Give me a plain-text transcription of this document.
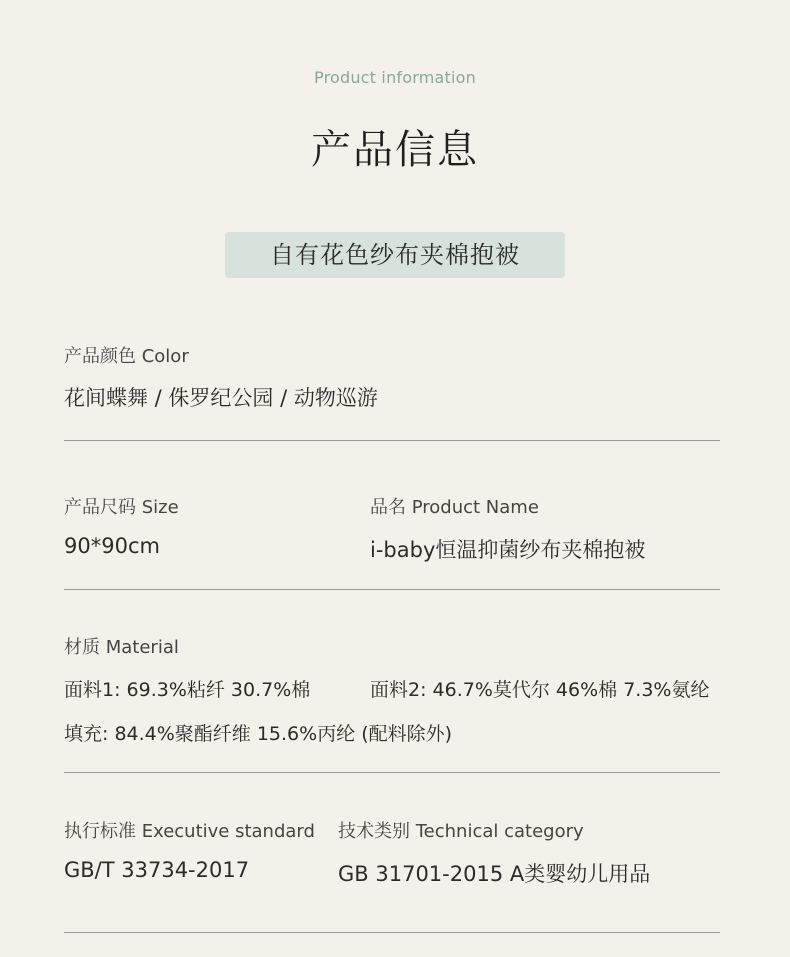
Product information
产品信息
自有花色纱布夹棉抱被
产品颜色 Color
花间蝶舞 / 侏罗纪公园 / 动物巡游
产品尺码 Size
90*90cm
品名 Product Name
i-baby恒温抑菌纱布夹棉抱被
材质 Material
面料1: 69.3%粘纤 30.7%棉	面料2: 46.7%莫代尔 46%棉 7.3%氨纶
填充: 84.4%聚酯纤维 15.6%丙纶 (配料除外)
执行标准 Executive standard
GB/T 33734-2017
技术类别 Technical category
GB 31701-2015 A类婴幼儿用品
